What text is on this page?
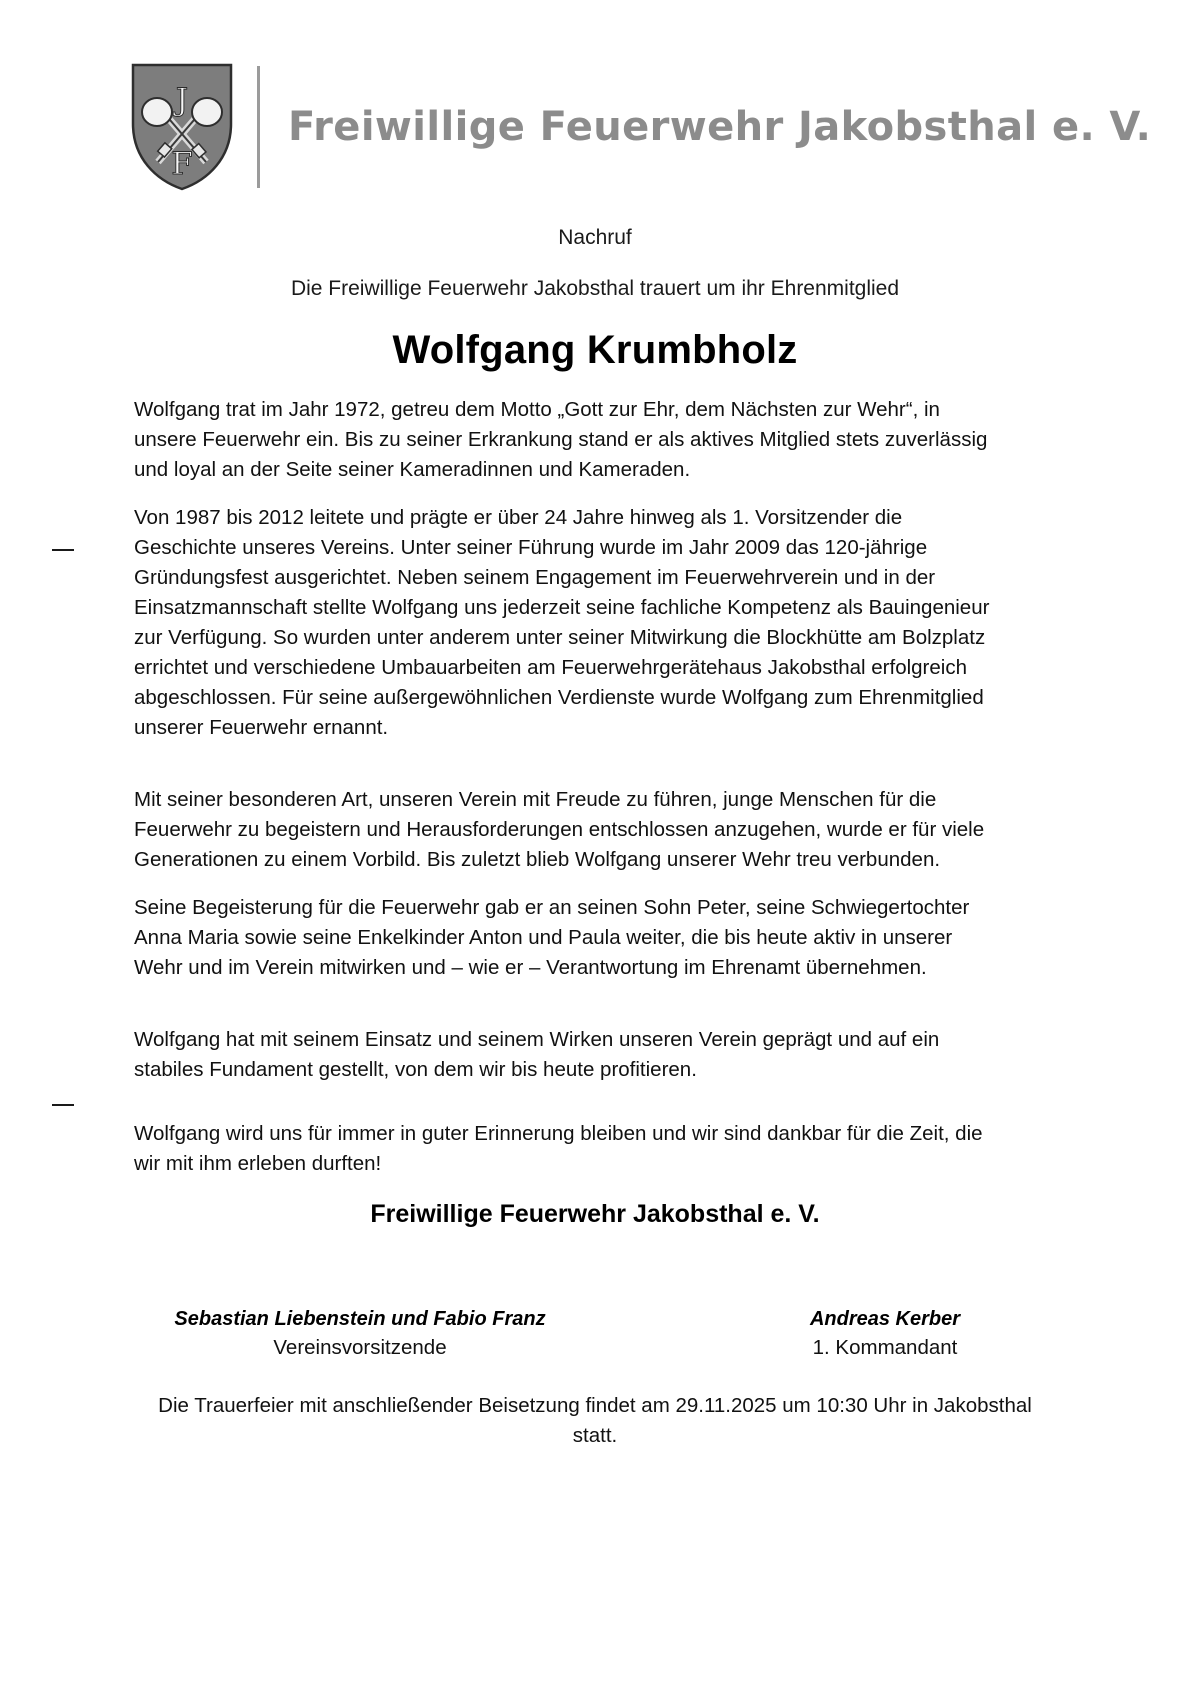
J
F
Freiwillige Feuerwehr Jakobsthal e. V.
Nachruf
Die Freiwillige Feuerwehr Jakobsthal trauert um ihr Ehrenmitglied
Wolfgang Krumbholz

Wolfgang trat im Jahr 1972, getreu dem Motto „Gott zur Ehr, dem Nächsten zur Wehr“, in unsere Feuerwehr ein. Bis zu seiner Erkrankung stand er als aktives Mitglied stets zuverlässig und loyal an der Seite seiner Kameradinnen und Kameraden.

Von 1987 bis 2012 leitete und prägte er über 24 Jahre hinweg als 1. Vorsitzender die Geschichte unseres Vereins. Unter seiner Führung wurde im Jahr 2009 das 120-jährige Gründungsfest ausgerichtet. Neben seinem Engagement im Feuerwehrverein und in der Einsatzmannschaft stellte Wolfgang uns jederzeit seine fachliche Kompetenz als Bauingenieur zur Verfügung. So wurden unter anderem unter seiner Mitwirkung die Blockhütte am Bolzplatz errichtet und verschiedene Umbauarbeiten am Feuerwehrgerätehaus Jakobsthal erfolgreich abgeschlossen. Für seine außergewöhnlichen Verdienste wurde Wolfgang zum Ehrenmitglied unserer Feuerwehr ernannt.

Mit seiner besonderen Art, unseren Verein mit Freude zu führen, junge Menschen für die Feuerwehr zu begeistern und Herausforderungen entschlossen anzugehen, wurde er für viele Generationen zu einem Vorbild. Bis zuletzt blieb Wolfgang unserer Wehr treu verbunden.

Seine Begeisterung für die Feuerwehr gab er an seinen Sohn Peter, seine Schwiegertochter Anna Maria sowie seine Enkelkinder Anton und Paula weiter, die bis heute aktiv in unserer Wehr und im Verein mitwirken und – wie er – Verantwortung im Ehrenamt übernehmen.

Wolfgang hat mit seinem Einsatz und seinem Wirken unseren Verein geprägt und auf ein stabiles Fundament gestellt, von dem wir bis heute profitieren.

Wolfgang wird uns für immer in guter Erinnerung bleiben und wir sind dankbar für die Zeit, die wir mit ihm erleben durften!

Freiwillige Feuerwehr Jakobsthal e. V.
Sebastian Liebenstein und Fabio Franz
Vereinsvorsitzende
Andreas Kerber
1. Kommandant
Die Trauerfeier mit anschließender Beisetzung findet am 29.11.2025 um 10:30 Uhr in Jakobsthal statt.
